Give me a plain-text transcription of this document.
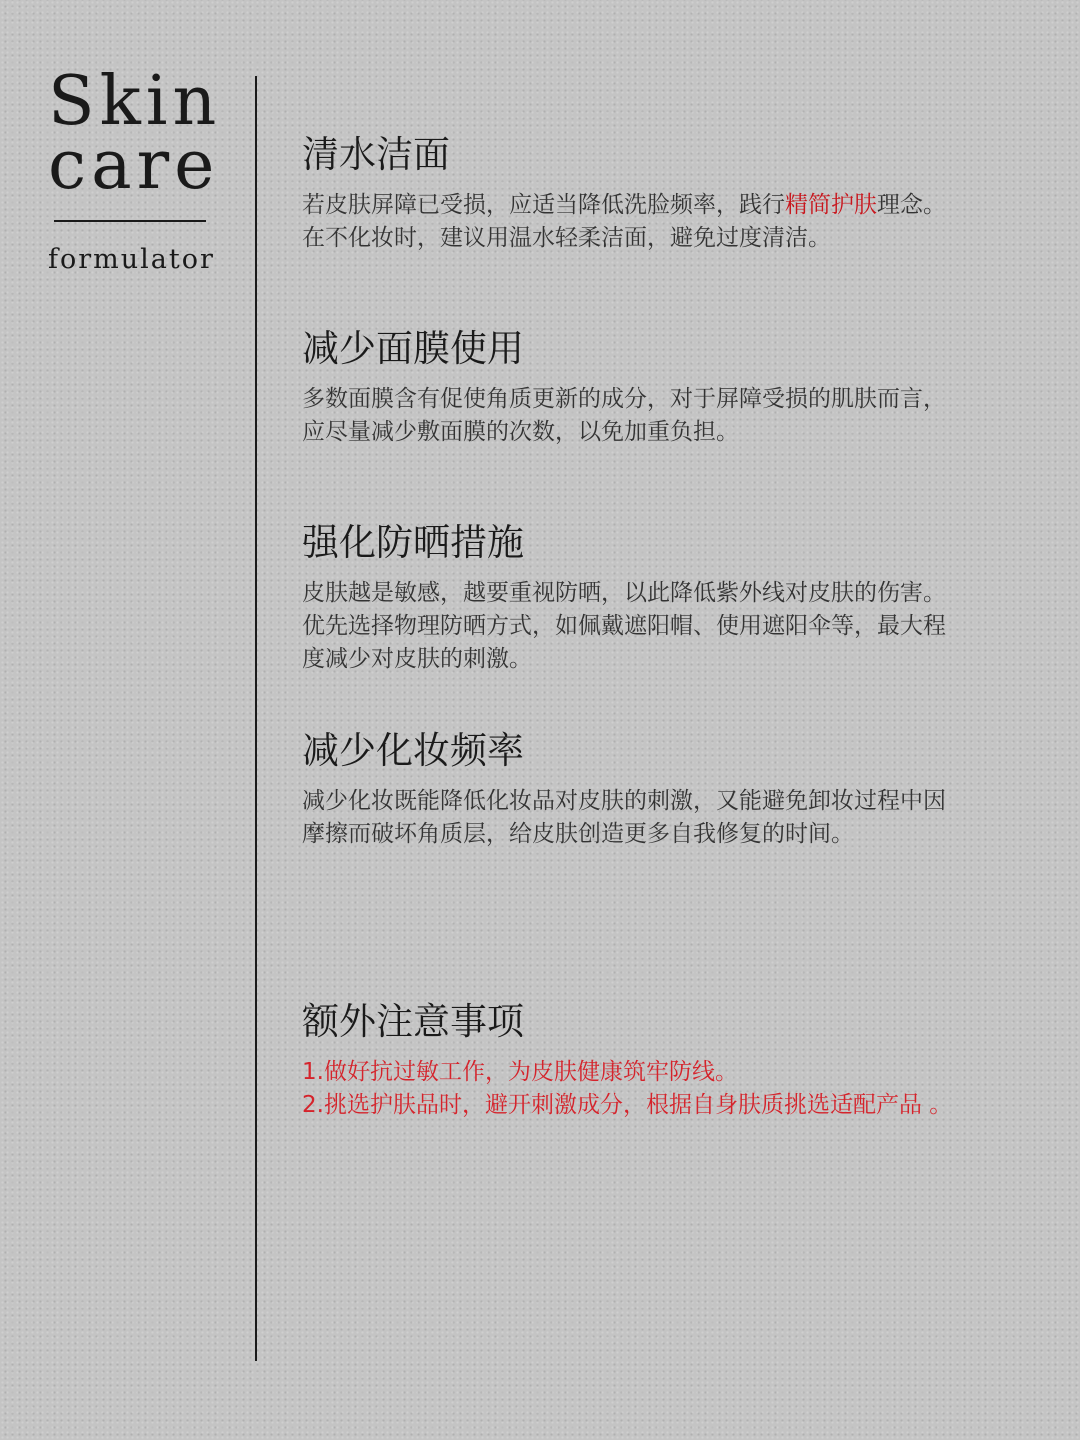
Skin
care
formulator
清水洁面

若皮肤屏障已受损，应适当降低洗脸频率，践行精简护肤理念。

在不化妆时，建议用温水轻柔洁面，避免过度清洁。

减少面膜使用

多数面膜含有促使角质更新的成分，对于屏障受损的肌肤而言，

应尽量减少敷面膜的次数，以免加重负担。

强化防晒措施

皮肤越是敏感，越要重视防晒，以此降低紫外线对皮肤的伤害。

优先选择物理防晒方式，如佩戴遮阳帽、使用遮阳伞等，最大程

度减少对皮肤的刺激。

减少化妆频率

减少化妆既能降低化妆品对皮肤的刺激，又能避免卸妆过程中因

摩擦而破坏角质层，给皮肤创造更多自我修复的时间。

额外注意事项

1.做好抗过敏工作，为皮肤健康筑牢防线。

2.挑选护肤品时，避开刺激成分，根据自身肤质挑选适配产品 。
